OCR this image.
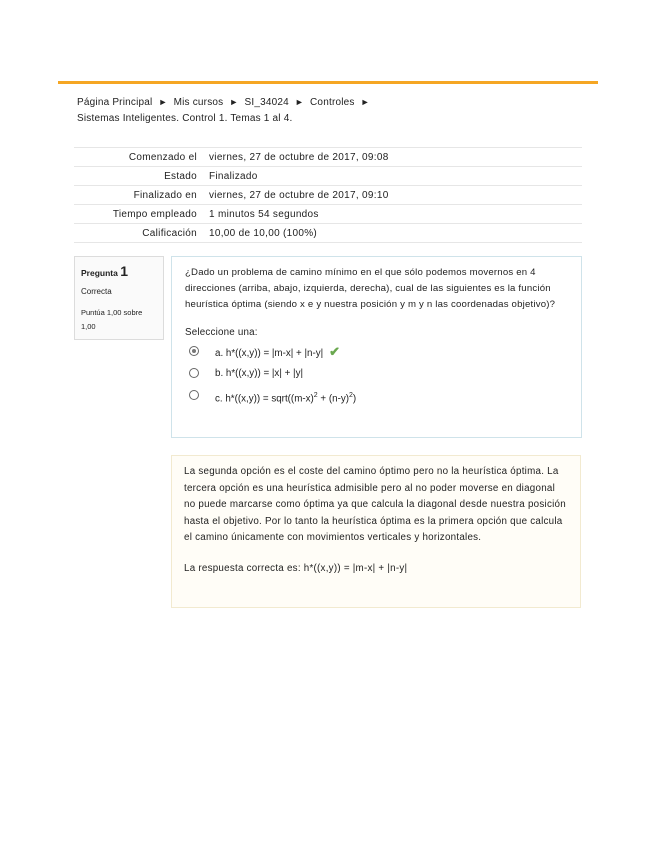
Página Principal ► Mis cursos ► SI_34024 ► Controles ►
Sistemas Inteligentes. Control 1. Temas 1 al 4.
Comenzado el	viernes, 27 de octubre de 2017, 09:08
Estado	Finalizado
Finalizado en	viernes, 27 de octubre de 2017, 09:10
Tiempo empleado	1 minutos 54 segundos
Calificación	10,00 de 10,00 (100%)
Pregunta 1
Correcta
Puntúa 1,00 sobre 1,00
¿Dado un problema de camino mínimo en el que sólo podemos movernos en 4 direcciones (arriba, abajo, izquierda, derecha), cual de las siguientes es la función heurística óptima (siendo x e y nuestra posición y m y n las coordenadas objetivo)?
Seleccione una:
a. h*((x,y)) = |m-x| + |n-y| ✔
b. h*((x,y)) = |x| + |y|
c. $h*((x,y)) = sqrt((m-x)^2 + (n-y)^2)$
La segunda opción es el coste del camino óptimo pero no la heurística óptima. La tercera opción es una heurística admisible pero al no poder moverse en diagonal no puede marcarse como óptima ya que calcula la diagonal desde nuestra posición hasta el objetivo. Por lo tanto la heurística óptima es la primera opción que calcula el camino únicamente con movimientos verticales y horizontales.
La respuesta correcta es: h*((x,y)) = |m-x| + |n-y|
